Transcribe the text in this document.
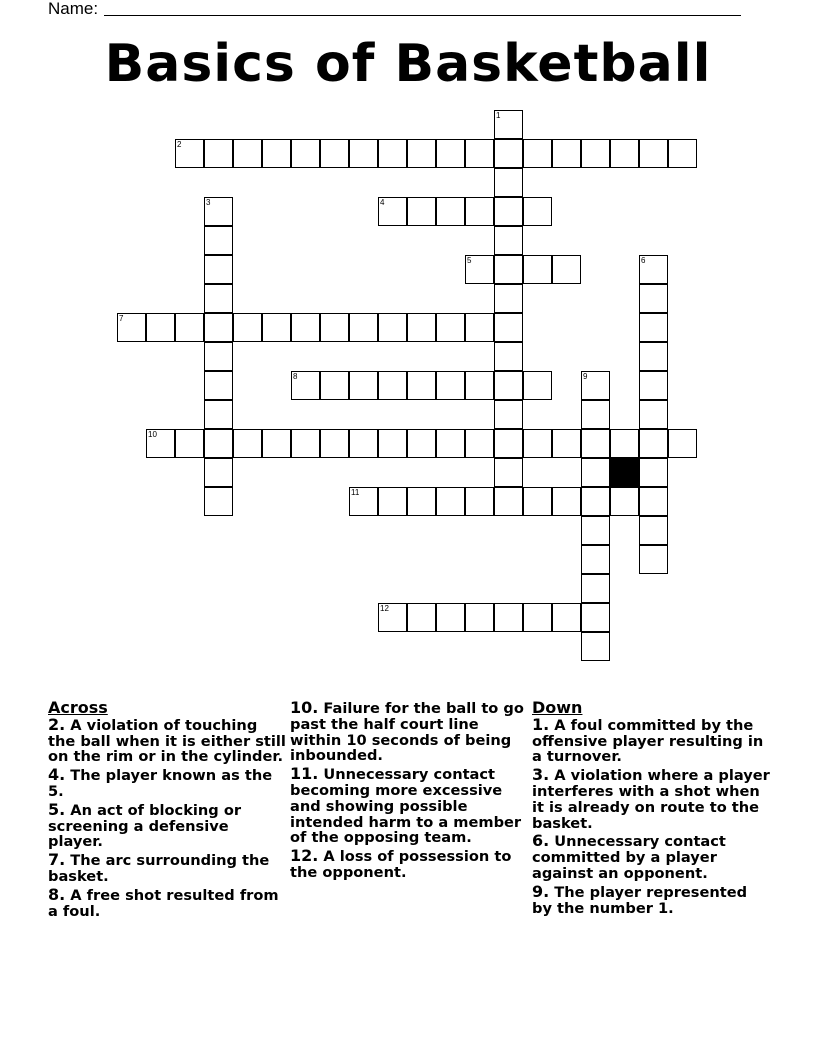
Name:
Basics of Basketball
1
2
3	4
5	6
7
8	9
10
11
12
Across
2. A violation of touching the ball when it is either still on the rim or in the cylinder.
4. The player known as the 5.
5. An act of blocking or screening a defensive player.
7. The arc surrounding the basket.
8. A free shot resulted from a foul.
10. Failure for the ball to go past the half court line within 10 seconds of being inbounded.
11. Unnecessary contact becoming more excessive and showing possible intended harm to a member of the opposing team.
12. A loss of possession to the opponent.
Down
1. A foul committed by the offensive player resulting in a turnover.
3. A violation where a player interferes with a shot when it is already on route to the basket.
6. Unnecessary contact committed by a player against an opponent.
9. The player represented by the number 1.
